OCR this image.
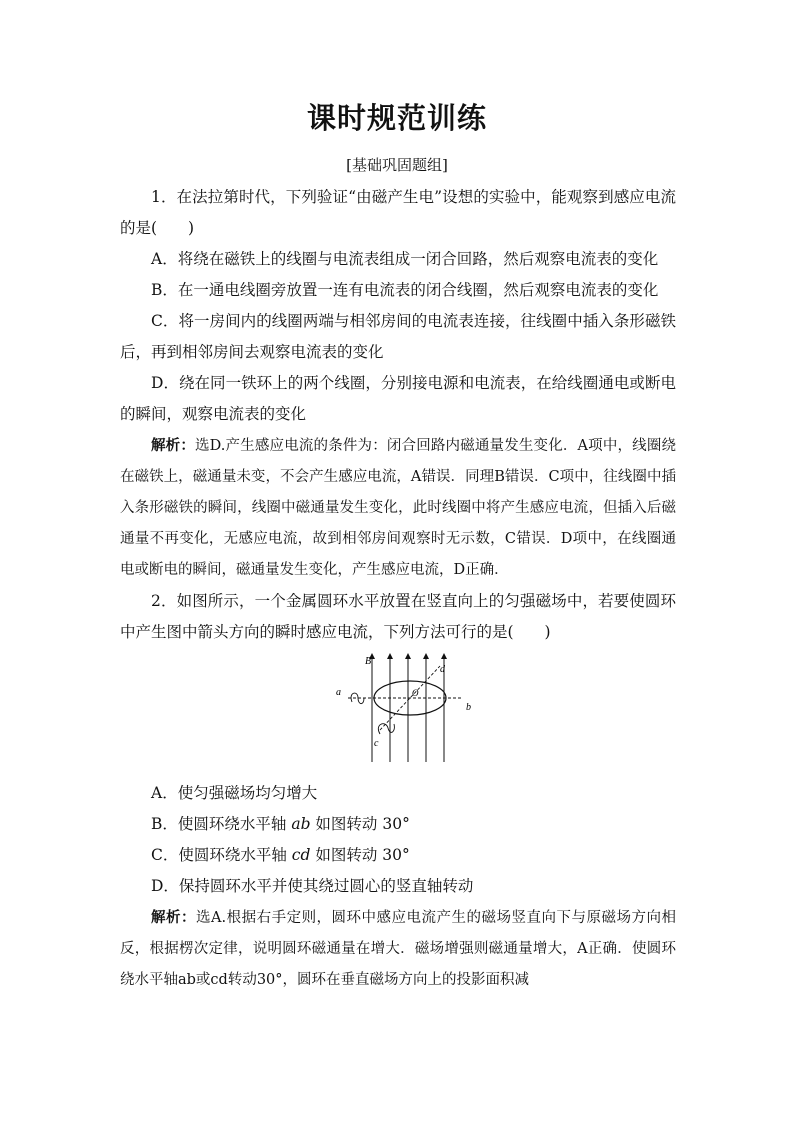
课时规范训练
[基础巩固题组]

1．在法拉第时代，下列验证“由磁产生电”设想的实验中，能观察到感应电流的是(　　)

A．将绕在磁铁上的线圈与电流表组成一闭合回路，然后观察电流表的变化

B．在一通电线圈旁放置一连有电流表的闭合线圈，然后观察电流表的变化

C．将一房间内的线圈两端与相邻房间的电流表连接，往线圈中插入条形磁铁后，再到相邻房间去观察电流表的变化

D．绕在同一铁环上的两个线圈，分别接电源和电流表，在给线圈通电或断电的瞬间，观察电流表的变化

解析：选D.产生感应电流的条件为：闭合回路内磁通量发生变化．A项中，线圈绕在磁铁上，磁通量未变，不会产生感应电流，A错误．同理B错误．C项中，往线圈中插入条形磁铁的瞬间，线圈中磁通量发生变化，此时线圈中将产生感应电流，但插入后磁通量不再变化，无感应电流，故到相邻房间观察时无示数，C错误．D项中，在线圈通电或断电的瞬间，磁通量发生变化，产生感应电流，D正确．

2．如图所示，一个金属圆环水平放置在竖直向上的匀强磁场中，若要使圆环中产生图中箭头方向的瞬时感应电流，下列方法可行的是(　　)

B
a
b
c
d
O

A．使匀强磁场均匀增大

B．使圆环绕水平轴 ab 如图转动 30°

C．使圆环绕水平轴 cd 如图转动 30°

D．保持圆环水平并使其绕过圆心的竖直轴转动

解析：选A.根据右手定则，圆环中感应电流产生的磁场竖直向下与原磁场方向相反，根据楞次定律，说明圆环磁通量在增大．磁场增强则磁通量增大，A正确．使圆环绕水平轴ab或cd转动30°，圆环在垂直磁场方向上的投影面积减
